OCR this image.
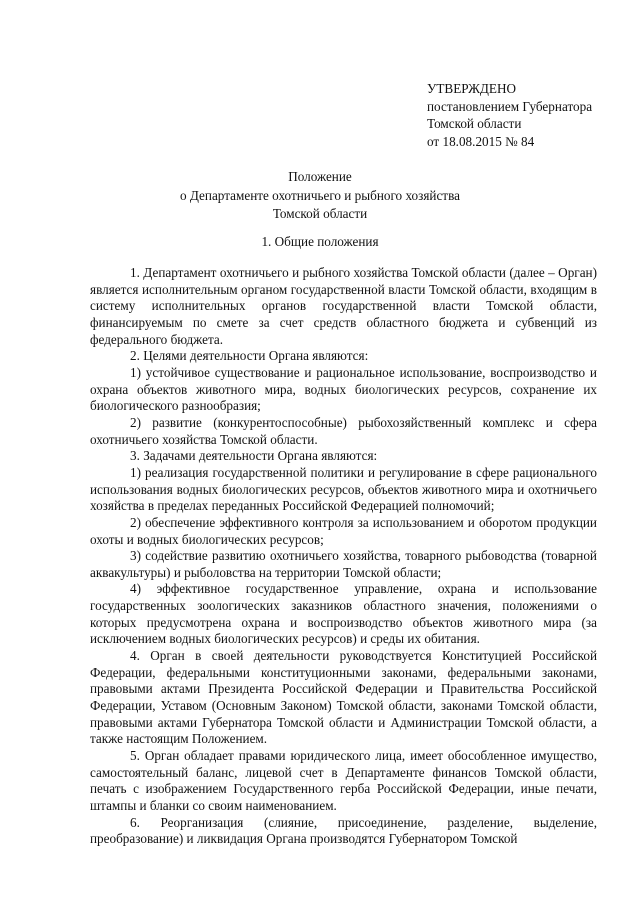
УТВЕРЖДЕНО
постановлением Губернатора
Томской области
от 18.08.2015 № 84
Положение
о Департаменте охотничьего и рыбного хозяйства
Томской области
1. Общие положения

1. Департамент охотничьего и рыбного хозяйства Томской области (далее – Орган) является исполнительным органом государственной власти Томской области, входящим в систему исполнительных органов государственной власти Томской области, финансируемым по смете за счет средств областного бюджета и субвенций из федерального бюджета.

2. Целями деятельности Органа являются:

1) устойчивое существование и рациональное использование, воспроизводство и охрана объектов животного мира, водных биологических ресурсов, сохранение их биологического разнообразия;

2) развитие (конкурентоспособные) рыбохозяйственный комплекс и сфера охотничьего хозяйства Томской области.

3. Задачами деятельности Органа являются:

1) реализация государственной политики и регулирование в сфере рационального использования водных биологических ресурсов, объектов животного мира и охотничьего хозяйства в пределах переданных Российской Федерацией полномочий;

2) обеспечение эффективного контроля за использованием и оборотом продукции охоты и водных биологических ресурсов;

3) содействие развитию охотничьего хозяйства, товарного рыбоводства (товарной аквакультуры) и рыболовства на территории Томской области;

4) эффективное государственное управление, охрана и использование государственных зоологических заказников областного значения, положениями о которых предусмотрена охрана и воспроизводство объектов животного мира (за исключением водных биологических ресурсов) и среды их обитания.

4. Орган в своей деятельности руководствуется Конституцией Российской Федерации, федеральными конституционными законами, федеральными законами, правовыми актами Президента Российской Федерации и Правительства Российской Федерации, Уставом (Основным Законом) Томской области, законами Томской области, правовыми актами Губернатора Томской области и Администрации Томской области, а также настоящим Положением.

5. Орган обладает правами юридического лица, имеет обособленное имущество, самостоятельный баланс, лицевой счет в Департаменте финансов Томской области, печать с изображением Государственного герба Российской Федерации, иные печати, штампы и бланки со своим наименованием.

6. Реорганизация (слияние, присоединение, разделение, выделение, преобразование) и ликвидация Органа производятся Губернатором Томской
